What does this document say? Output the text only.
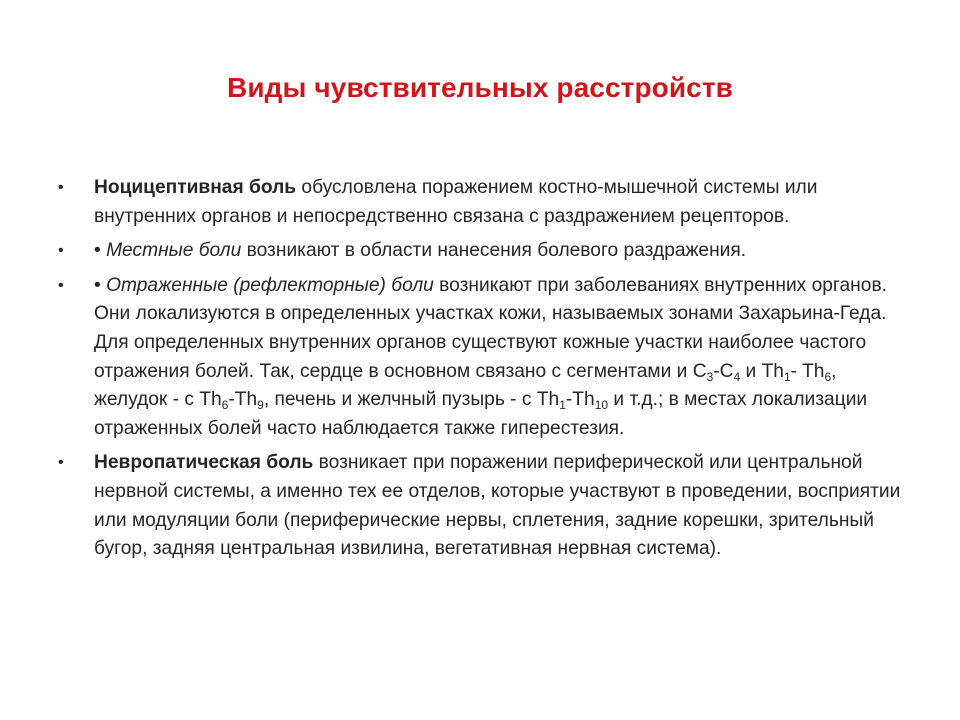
Виды чувствительных расстройств
•	Ноцицептивная боль обусловлена поражением костно-мышечной системы или внутренних органов и непосредственно связана с раздражением рецепторов.
•	• Местные боли возникают в области нанесения болевого раздражения.
•	• Отраженные (рефлекторные) боли возникают при заболеваниях внутренних органов. Они локализуются в определенных участках кожи, называемых зонами Захарьина-Геда. Для определенных внутренних органов существуют кожные участки наиболее частого отражения болей. Так, сердце в основном связано с сегментами и $C_3-C_4$ и $Th_1-$ $Th_6$, желудок - с $Th_6-Th_9$, печень и желчный пузырь - с $Th_1-Th_{10}$ и т.д.; в местах локализации отраженных болей часто наблюдается также гиперестезия.
•	Невропатическая боль возникает при поражении периферической или центральной нервной системы, а именно тех ее отделов, которые участвуют в проведении, восприятии или модуляции боли (периферические нервы, сплетения, задние корешки, зрительный бугор, задняя центральная извилина, вегетативная нервная система).
